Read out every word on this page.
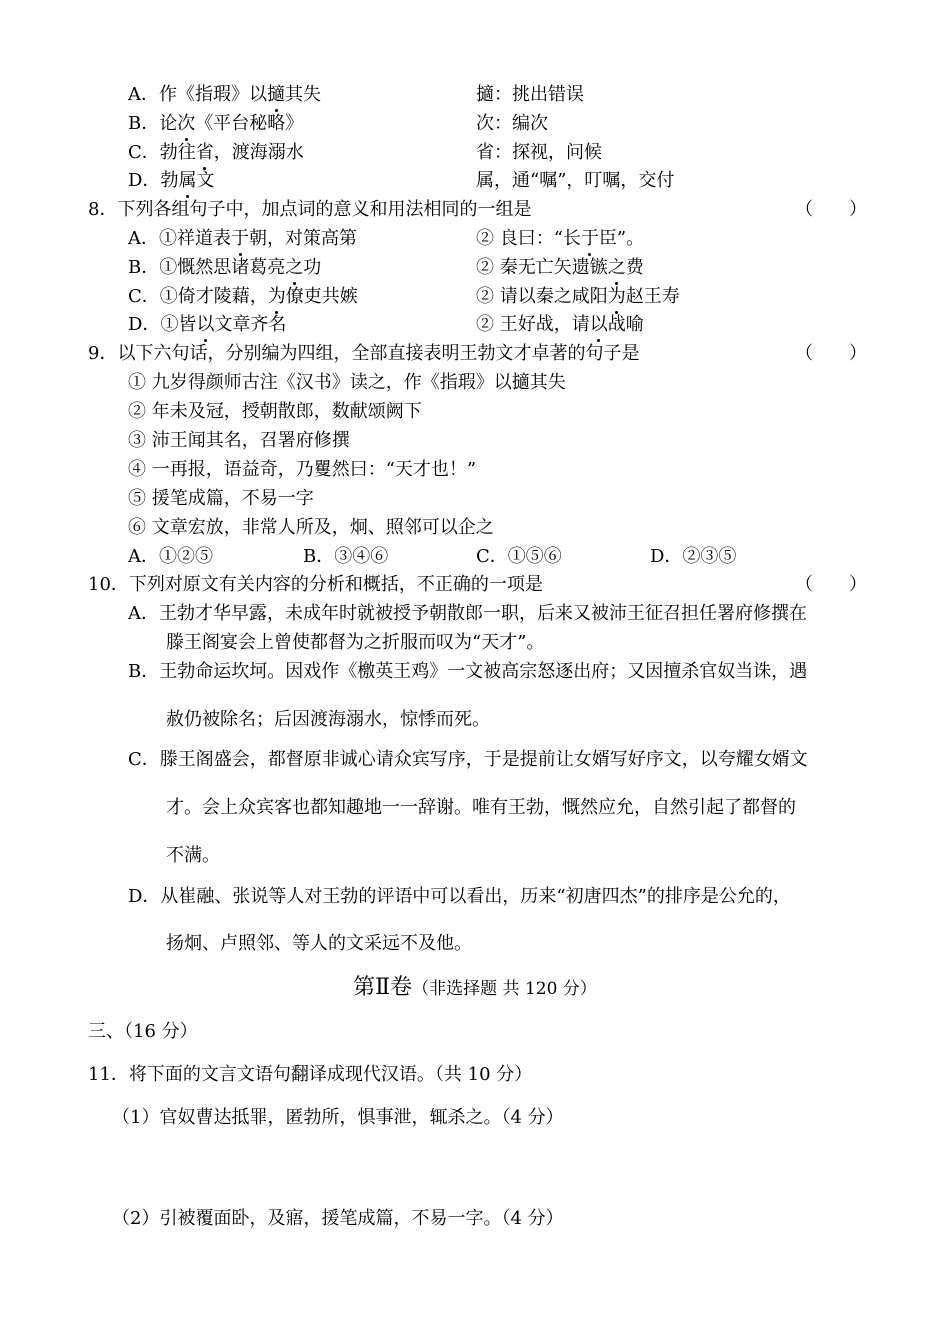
A．作《指瑕》以擿其失	擿：挑出错误
B．论次《平台秘略》	次：编次
C．勃往省，渡海溺水	省：探视，问候
D．勃属文	属，通“嘱”，叮嘱，交付
8．下列各组句子中，加点词的意义和用法相同的一组是	（　　）
A．①祥道表于朝，对策高第	② 良曰：“长于臣”。
B．①慨然思诸葛亮之功	② 秦无亡矢遗镞之费
C．①倚才陵藉，为僚吏共嫉	② 请以秦之咸阳为赵王寿
D．①皆以文章齐名	② 王好战，请以战喻
9．以下六句话，分别编为四组，全部直接表明王勃文才卓著的句子是	（　　）
① 九岁得颜师古注《汉书》读之，作《指瑕》以擿其失
② 年未及冠，授朝散郎，数献颂阙下
③ 沛王闻其名，召署府修撰
④ 一再报，语益奇，乃矍然曰：“天才也！”
⑤ 援笔成篇，不易一字
⑥ 文章宏放，非常人所及，炯、照邻可以企之
A．①②⑤	B．③④⑥	C．①⑤⑥	D．②③⑤
10．下列对原文有关内容的分析和概括，不正确的一项是	（　　）
A．王勃才华早露，未成年时就被授予朝散郎一职，后来又被沛王征召担任署府修撰在
滕王阁宴会上曾使都督为之折服而叹为“天才”。
B．王勃命运坎坷。因戏作《檄英王鸡》一文被高宗怒逐出府；又因擅杀官奴当诛，遇
赦仍被除名；后因渡海溺水，惊悸而死。
C．滕王阁盛会，都督原非诚心请众宾写序，于是提前让女婿写好序文，以夸耀女婿文
才。会上众宾客也都知趣地一一辞谢。唯有王勃，慨然应允，自然引起了都督的
不满。
D．从崔融、张说等人对王勃的评语中可以看出，历来“初唐四杰”的排序是公允的，
扬炯、卢照邻、等人的文采远不及他。
第Ⅱ卷（非选择题 共 120 分）
三、（16 分）
11．将下面的文言文语句翻译成现代汉语。（共 10 分）
（1）官奴曹达抵罪，匿勃所，惧事泄，辄杀之。（4 分）
（2）引被覆面卧，及寤，援笔成篇，不易一字。（4 分）
